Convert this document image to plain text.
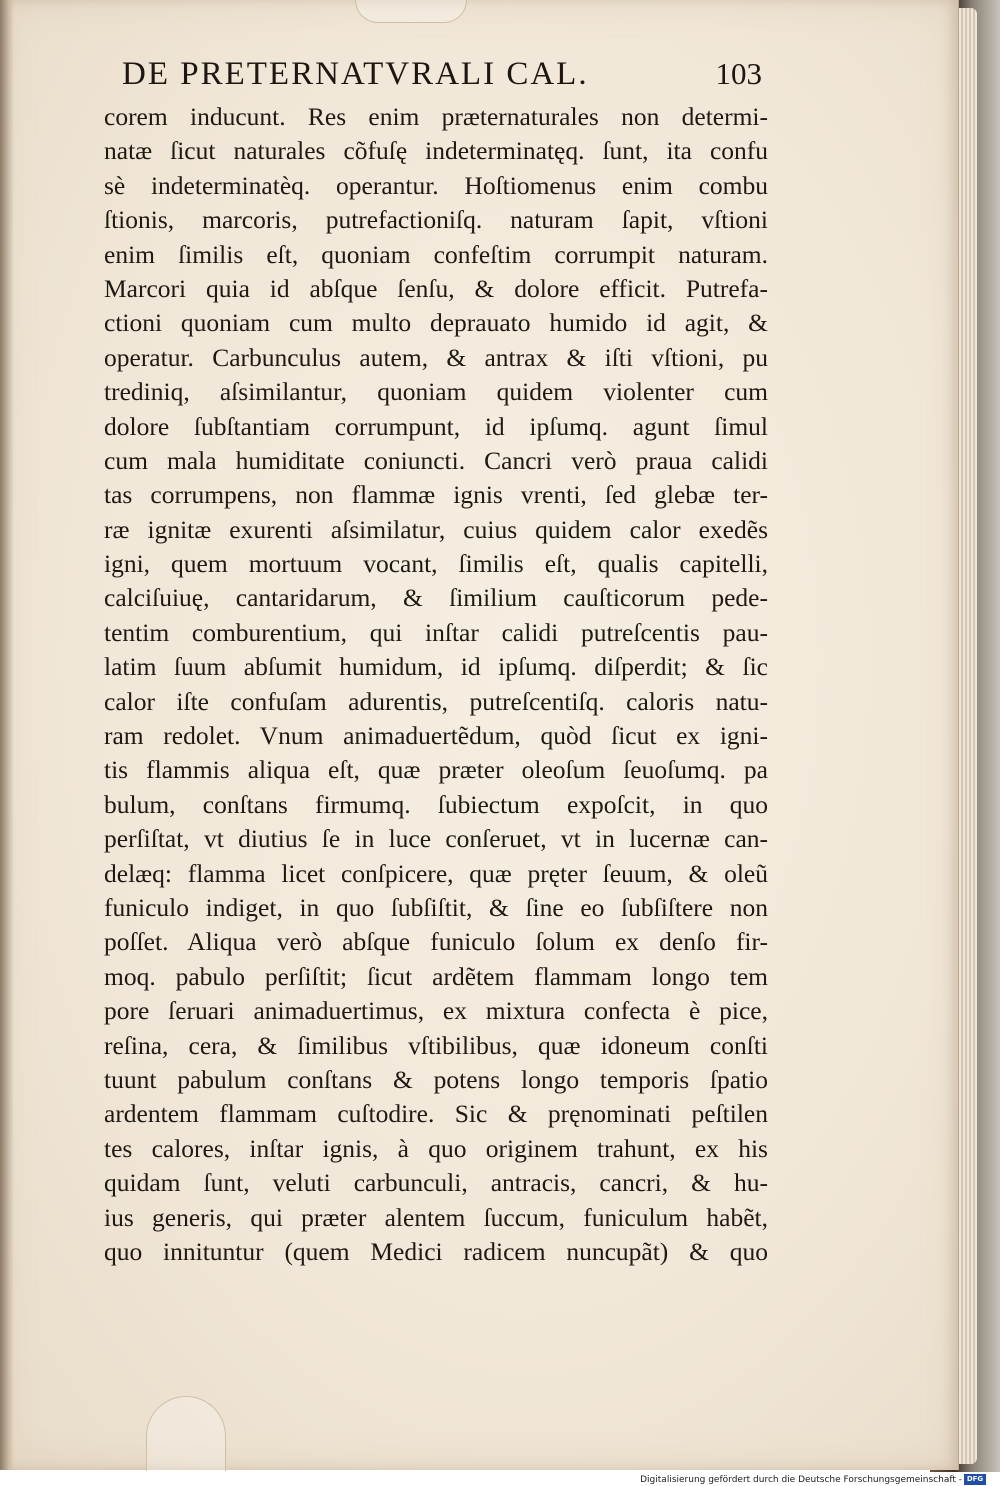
DE PRETERNATVRALI CAL.	103
corem inducunt. Res enim præternaturales non determi-
natæ ſicut naturales cõfuſę indeterminatęq. ſunt, ita confu
sè indeterminatèq. operantur. Hoſtiomenus enim combu
ſtionis, marcoris, putrefactioniſq. naturam ſapit, vſtioni
enim ſimilis eſt, quoniam confeſtim corrumpit naturam.
Marcori quia id abſque ſenſu, & dolore efficit. Putrefa-
ctioni quoniam cum multo deprauato humido id agit, &
operatur. Carbunculus autem, & antrax & iſti vſtioni, pu
trediniq, aſsimilantur, quoniam quidem violenter cum
dolore ſubſtantiam corrumpunt, id ipſumq. agunt ſimul
cum mala humiditate coniuncti. Cancri verò praua calidi
tas corrumpens, non flammæ ignis vrenti, ſed glebæ ter-
ræ ignitæ exurenti aſsimilatur, cuius quidem calor exedẽs
igni, quem mortuum vocant, ſimilis eſt, qualis capitelli,
calciſuiuę, cantaridarum, & ſimilium cauſticorum pede-
tentim comburentium, qui inſtar calidi putreſcentis pau-
latim ſuum abſumit humidum, id ipſumq. diſperdit; & ſic
calor iſte confuſam adurentis, putreſcentiſq. caloris natu-
ram redolet. Vnum animaduertẽdum, quòd ſicut ex igni-
tis flammis aliqua eſt, quæ præter oleoſum ſeuoſumq. pa
bulum, conſtans firmumq. ſubiectum expoſcit, in quo
perſiſtat, vt diutius ſe in luce conſeruet, vt in lucernæ can-
delæq: flamma licet conſpicere, quæ pręter ſeuum, & oleũ
funiculo indiget, in quo ſubſiſtit, & ſine eo ſubſiſtere non
poſſet. Aliqua verò abſque funiculo ſolum ex denſo fir-
moq. pabulo perſiſtit; ſicut ardẽtem flammam longo tem
pore ſeruari animaduertimus, ex mixtura confecta è pice,
reſina, cera, & ſimilibus vſtibilibus, quæ idoneum conſti
tuunt pabulum conſtans & potens longo temporis ſpatio
ardentem flammam cuſtodire. Sic & pręnominati peſtilen
tes calores, inſtar ignis, à quo originem trahunt, ex his
quidam ſunt, veluti carbunculi, antracis, cancri, & hu-
ius generis, qui præter alentem ſuccum, funiculum habẽt,
quo innituntur (quem Medici radicem nuncupãt) & quo
Digitalisierung gefördert durch die Deutsche Forschungsgemeinschaft - DFG
